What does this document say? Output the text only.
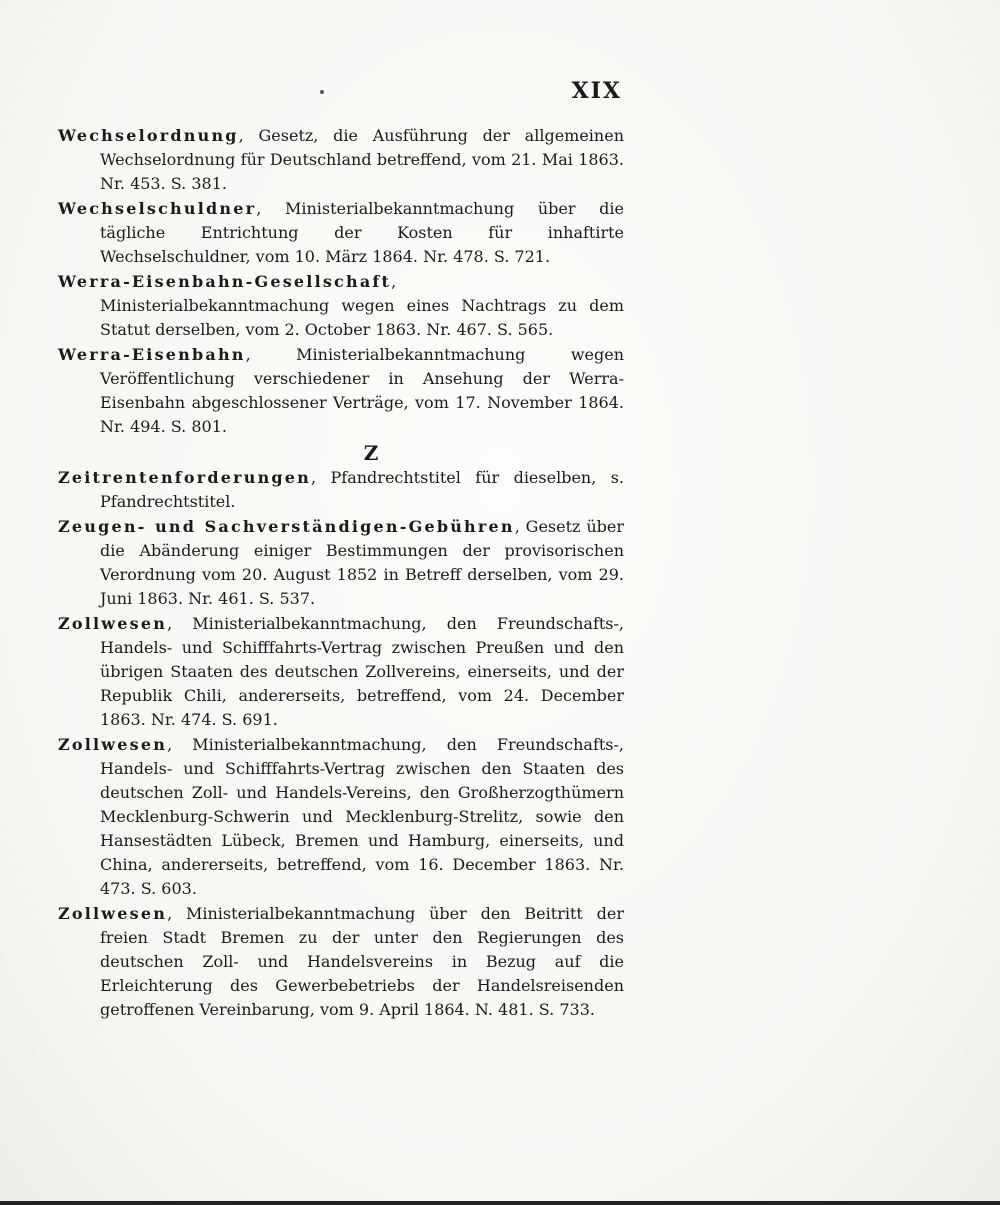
XIX

Wechselordnung, Gesetz, die Ausführung der allgemeinen Wechselordnung für Deutschland betreffend, vom 21. Mai 1863. Nr. 453. S. 381.

Wechselschuldner, Ministerialbekanntmachung über die tägliche Entrichtung der Kosten für inhaftirte Wechselschuldner, vom 10. März 1864. Nr. 478. S. 721.

Werra-Eisenbahn-Gesellschaft, Ministerialbekanntmachung wegen eines Nachtrags zu dem Statut derselben, vom 2. October 1863. Nr. 467. S. 565.

Werra-Eisenbahn, Ministerialbekanntmachung wegen Veröffentlichung verschiedener in Ansehung der Werra-Eisenbahn abgeschlossener Verträge, vom 17. November 1864. Nr. 494. S. 801.

Z

Zeitrentenforderungen, Pfandrechtstitel für dieselben, s. Pfandrechtstitel.

Zeugen- und Sachverständigen-Gebühren, Gesetz über die Abänderung einiger Bestimmungen der provisorischen Verordnung vom 20. August 1852 in Betreff derselben, vom 29. Juni 1863. Nr. 461. S. 537.

Zollwesen, Ministerialbekanntmachung, den Freundschafts-, Handels- und Schifffahrts-Vertrag zwischen Preußen und den übrigen Staaten des deutschen Zollvereins, einerseits, und der Republik Chili, andererseits, betreffend, vom 24. December 1863. Nr. 474. S. 691.

Zollwesen, Ministerialbekanntmachung, den Freundschafts-, Handels- und Schifffahrts-Vertrag zwischen den Staaten des deutschen Zoll- und Handels-Vereins, den Großherzogthümern Mecklenburg-Schwerin und Mecklenburg-Strelitz, sowie den Hansestädten Lübeck, Bremen und Hamburg, einerseits, und China, andererseits, betreffend, vom 16. December 1863. Nr. 473. S. 603.

Zollwesen, Ministerialbekanntmachung über den Beitritt der freien Stadt Bremen zu der unter den Regierungen des deutschen Zoll- und Handelsvereins in Bezug auf die Erleichterung des Gewerbebetriebs der Handelsreisenden getroffenen Vereinbarung, vom 9. April 1864. N. 481. S. 733.
